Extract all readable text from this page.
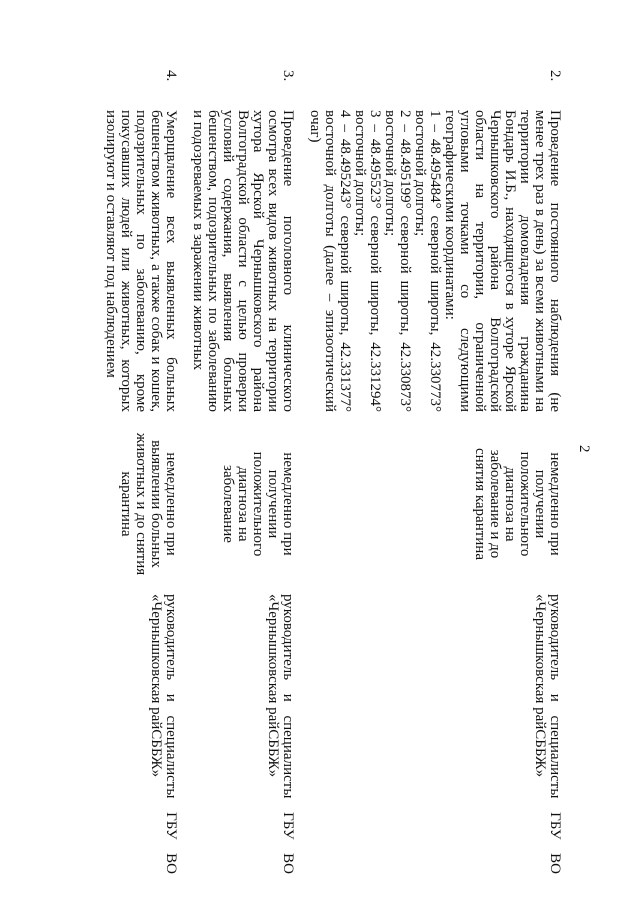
2
2.	Проведение постоянного наблюдения (не менее трех раз в день) за всеми животными на территории домовладения гражданина Бондарь И.Б., находящегося в хуторе Ярской Чернышковского района Волгоградской области на территории, ограниченной угловыми точками со следующими географическими координатами:
1 – 48.495484° северной широты, 42.330773° восточной долготы;
2 – 48.495199° северной широты, 42.330873° восточной долготы;
3 – 48.495523° северной широты, 42.331294° восточной долготы;
4 – 48.495243° северной широты, 42.331377° восточной долготы (далее – эпизоотический очаг)	немедленно при получении положительного диагноза на заболевание и до снятия карантина	руководитель и специалисты ГБУ ВО «Чернышковская райСББЖ»
3.	Проведение поголовного клинического осмотра всех видов животных на территории хутора Ярской Чернышковского района Волгоградской области с целью проверки условий содержания, выявления больных бешенством, подозрительных по заболеванию и подозреваемых в заражении животных	немедленно при получении положительного диагноза на заболевание	руководитель и специалисты ГБУ ВО «Чернышковская райСББЖ»
4.	Умерщвление всех выявленных больных бешенством животных, а также собак и кошек, подозрительных по заболеванию, кроме покусавших людей или животных, которых изолируют и оставляют под наблюдением	немедленно при выявлении больных животных и до снятия карантина	руководитель и специалисты ГБУ ВО «Чернышковская райСББЖ»
